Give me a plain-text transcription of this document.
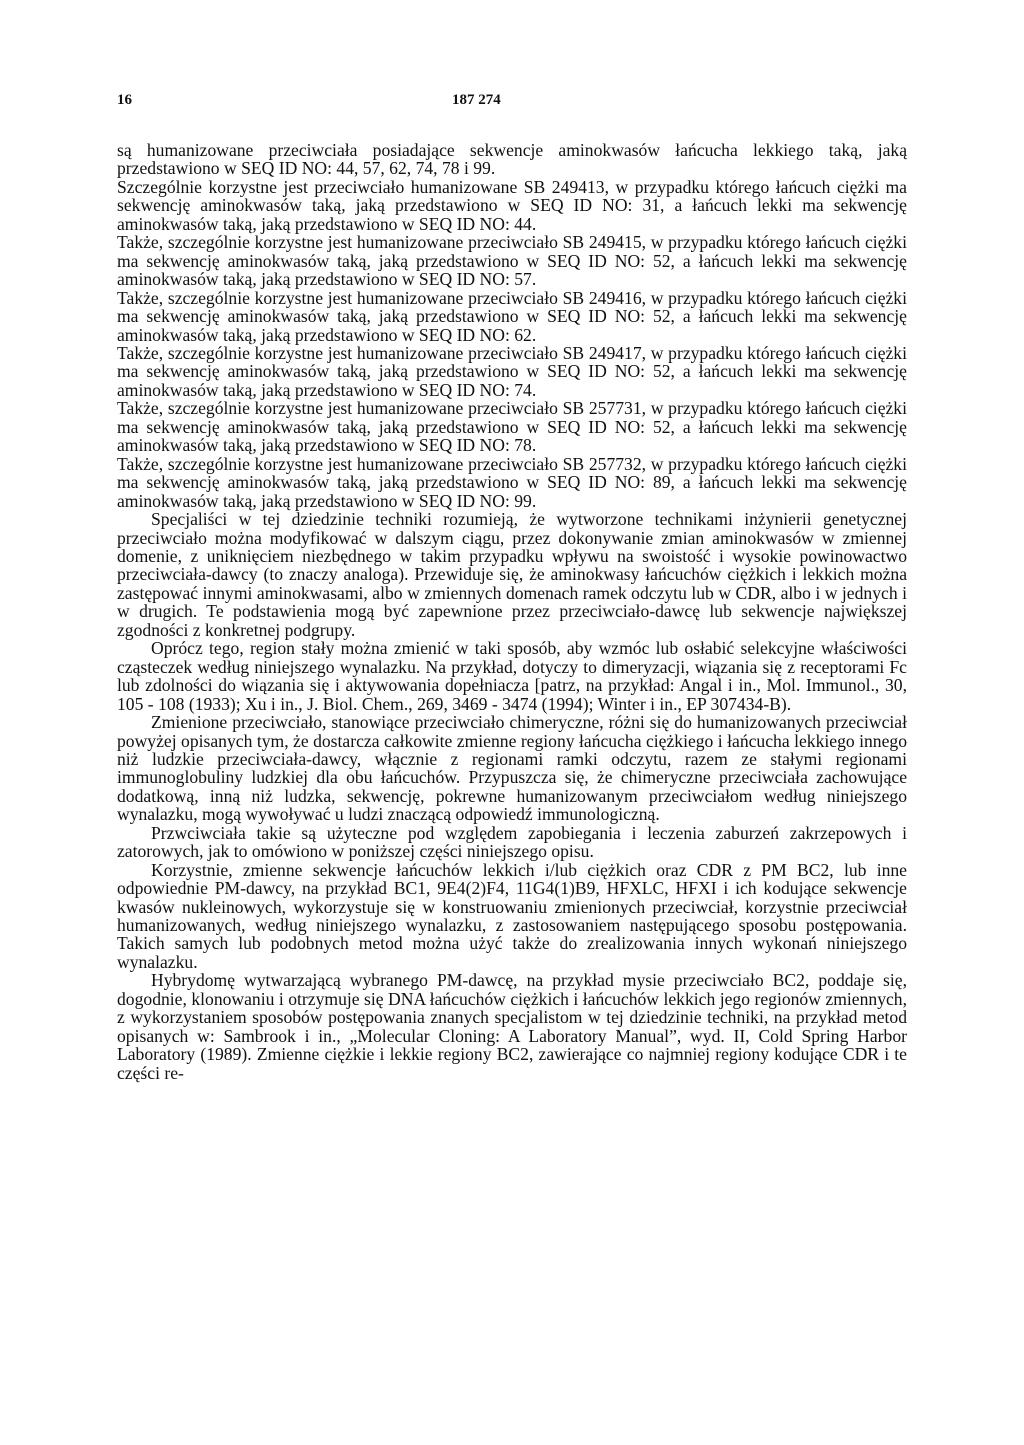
16	187 274

są humanizowane przeciwciała posiadające sekwencje aminokwasów łańcucha lekkiego taką, jaką przedstawiono w SEQ ID NO: 44, 57, 62, 74, 78 i 99.

Szczególnie korzystne jest przeciwciało humanizowane SB 249413, w przypadku którego łańcuch ciężki ma sekwencję aminokwasów taką, jaką przedstawiono w SEQ ID NO: 31, a łańcuch lekki ma sekwencję aminokwasów taką, jaką przedstawiono w SEQ ID NO: 44.

Także, szczególnie korzystne jest humanizowane przeciwciało SB 249415, w przypadku którego łańcuch ciężki ma sekwencję aminokwasów taką, jaką przedstawiono w SEQ ID NO: 52, a łańcuch lekki ma sekwencję aminokwasów taką, jaką przedstawiono w SEQ ID NO: 57.

Także, szczególnie korzystne jest humanizowane przeciwciało SB 249416, w przypadku którego łańcuch ciężki ma sekwencję aminokwasów taką, jaką przedstawiono w SEQ ID NO: 52, a łańcuch lekki ma sekwencję aminokwasów taką, jaką przedstawiono w SEQ ID NO: 62.

Także, szczególnie korzystne jest humanizowane przeciwciało SB 249417, w przypadku którego łańcuch ciężki ma sekwencję aminokwasów taką, jaką przedstawiono w SEQ ID NO: 52, a łańcuch lekki ma sekwencję aminokwasów taką, jaką przedstawiono w SEQ ID NO: 74.

Także, szczególnie korzystne jest humanizowane przeciwciało SB 257731, w przypadku którego łańcuch ciężki ma sekwencję aminokwasów taką, jaką przedstawiono w SEQ ID NO: 52, a łańcuch lekki ma sekwencję aminokwasów taką, jaką przedstawiono w SEQ ID NO: 78.

Także, szczególnie korzystne jest humanizowane przeciwciało SB 257732, w przypadku którego łańcuch ciężki ma sekwencję aminokwasów taką, jaką przedstawiono w SEQ ID NO: 89, a łańcuch lekki ma sekwencję aminokwasów taką, jaką przedstawiono w SEQ ID NO: 99.

Specjaliści w tej dziedzinie techniki rozumieją, że wytworzone technikami inżynierii genetycznej przeciwciało można modyfikować w dalszym ciągu, przez dokonywanie zmian aminokwasów w zmiennej domenie, z uniknięciem niezbędnego w takim przypadku wpływu na swoistość i wysokie powinowactwo przeciwciała-dawcy (to znaczy analoga). Przewiduje się, że aminokwasy łańcuchów ciężkich i lekkich można zastępować innymi aminokwasami, albo w zmiennych domenach ramek odczytu lub w CDR, albo i w jednych i w drugich. Te podstawienia mogą być zapewnione przez przeciwciało-dawcę lub sekwencje największej zgodności z konkretnej podgrupy.

Oprócz tego, region stały można zmienić w taki sposób, aby wzmóc lub osłabić selekcyjne właściwości cząsteczek według niniejszego wynalazku. Na przykład, dotyczy to dimeryzacji, wiązania się z receptorami Fc lub zdolności do wiązania się i aktywowania dopełniacza [patrz, na przykład: Angal i in., Mol. Immunol., 30, 105 - 108 (1933); Xu i in., J. Biol. Chem., 269, 3469 - 3474 (1994); Winter i in., EP 307434-B).

Zmienione przeciwciało, stanowiące przeciwciało chimeryczne, różni się do humanizowanych przeciwciał powyżej opisanych tym, że dostarcza całkowite zmienne regiony łańcucha ciężkiego i łańcucha lekkiego innego niż ludzkie przeciwciała-dawcy, włącznie z regionami ramki odczytu, razem ze stałymi regionami immunoglobuliny ludzkiej dla obu łańcuchów. Przypuszcza się, że chimeryczne przeciwciała zachowujące dodatkową, inną niż ludzka, sekwencję, pokrewne humanizowanym przeciwciałom według niniejszego wynalazku, mogą wywoływać u ludzi znaczącą odpowiedź immunologiczną.

Przwciwciała takie są użyteczne pod względem zapobiegania i leczenia zaburzeń zakrzepowych i zatorowych, jak to omówiono w poniższej części niniejszego opisu.

Korzystnie, zmienne sekwencje łańcuchów lekkich i/lub ciężkich oraz CDR z PM BC2, lub inne odpowiednie PM-dawcy, na przykład BC1, 9E4(2)F4, 11G4(1)B9, HFXLC, HFXI i ich kodujące sekwencje kwasów nukleinowych, wykorzystuje się w konstruowaniu zmienionych przeciwciał, korzystnie przeciwciał humanizowanych, według niniejszego wynalazku, z zastosowaniem następującego sposobu postępowania. Takich samych lub podobnych metod można użyć także do zrealizowania innych wykonań niniejszego wynalazku.

Hybrydomę wytwarzającą wybranego PM-dawcę, na przykład mysie przeciwciało BC2, poddaje się, dogodnie, klonowaniu i otrzymuje się DNA łańcuchów ciężkich i łańcuchów lekkich jego regionów zmiennych, z wykorzystaniem sposobów postępowania znanych specjalistom w tej dziedzinie techniki, na przykład metod opisanych w: Sambrook i in., „Molecular Cloning: A Laboratory Manual”, wyd. II, Cold Spring Harbor Laboratory (1989). Zmienne ciężkie i lekkie regiony BC2, zawierające co najmniej regiony kodujące CDR i te części re-
